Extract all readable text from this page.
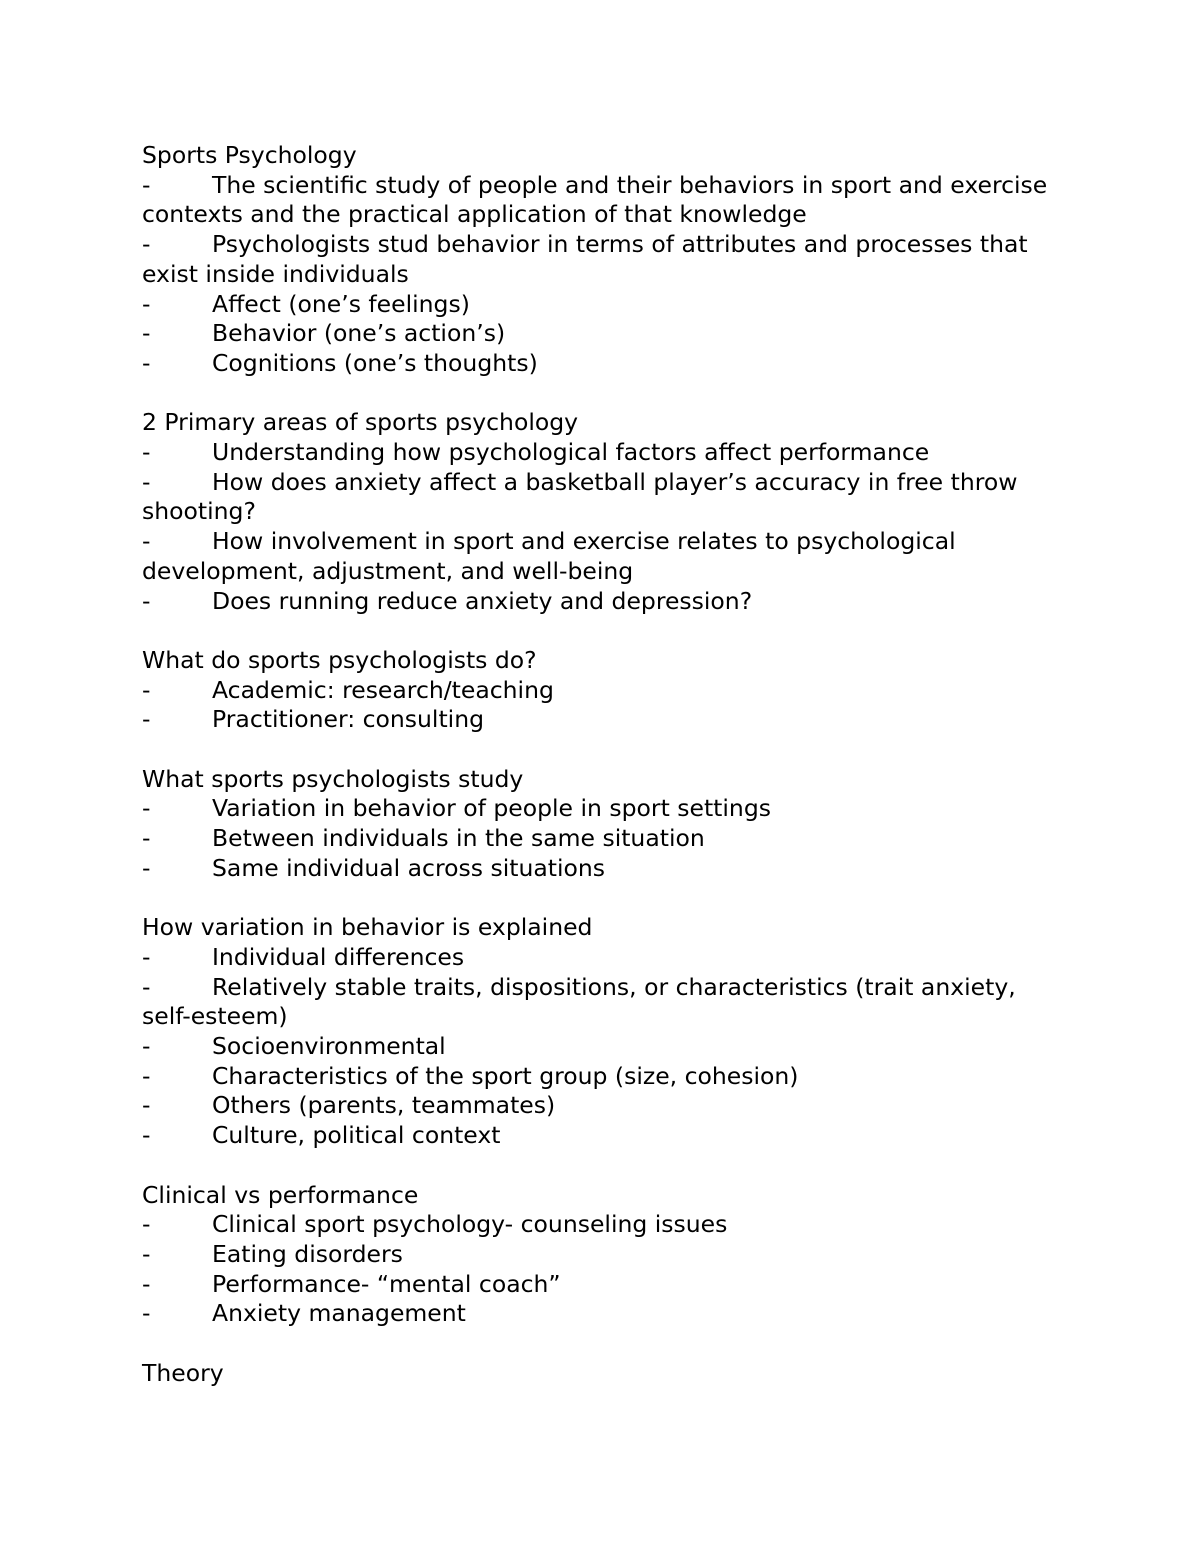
Sports Psychology

-	The scientific study of people and their behaviors in sport and exercise contexts and the practical application of that knowledge
-	Psychologists stud behavior in terms of attributes and processes that exist inside individuals
-	Affect (one’s feelings)
-	Behavior (one’s action’s)
-	Cognitions (one’s thoughts)

2 Primary areas of sports psychology

-	Understanding how psychological factors affect performance
-	How does anxiety affect a basketball player’s accuracy in free throw shooting?
-	How involvement in sport and exercise relates to psychological development, adjustment, and well-being
-	Does running reduce anxiety and depression?

What do sports psychologists do?

-	Academic: research/teaching
-	Practitioner: consulting

What sports psychologists study

-	Variation in behavior of people in sport settings
-	Between individuals in the same situation
-	Same individual across situations

How variation in behavior is explained

-	Individual differences
-	Relatively stable traits, dispositions, or characteristics (trait anxiety, self-esteem)
-	Socioenvironmental
-	Characteristics of the sport group (size, cohesion)
-	Others (parents, teammates)
-	Culture, political context

Clinical vs performance

-	Clinical sport psychology- counseling issues
-	Eating disorders
-	Performance- “mental coach”
-	Anxiety management

Theory
